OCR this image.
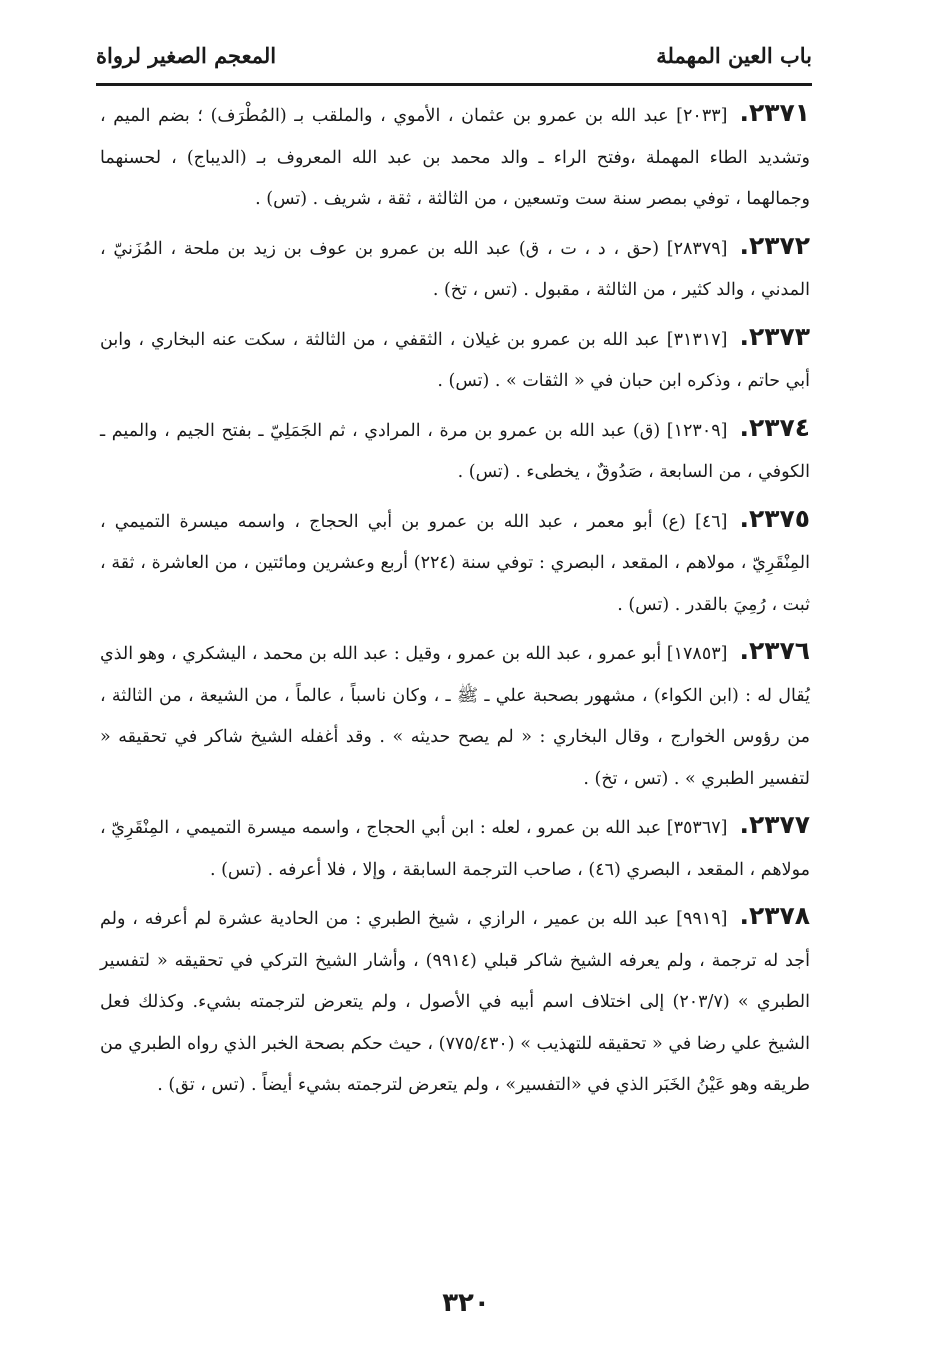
باب العين المهملة
المعجم الصغير لرواة

٢٣٧١.[٢٠٣٣] عبد الله بن عمرو بن عثمان ، الأموي ، والملقب بـ (المُطْرَف) ؛ بضم الميم ، وتشديد الطاء المهملة ،وفتح الراء ـ والد محمد بن عبد الله المعروف بـ (الديباج) ، لحسنهما وجمالهما ، توفي بمصر سنة ست وتسعين ، من الثالثة ، ثقة ، شريف . (تس) .

٢٣٧٢.[٢٨٣٧٩] (حق ، د ، ت ، ق) عبد الله بن عمرو بن عوف بن زيد بن ملحة ، المُزَنيّ ، المدني ، والد كثير ، من الثالثة ، مقبول . (تس ، تخ) .

٢٣٧٣.[٣١٣١٧] عبد الله بن عمرو بن غيلان ، الثقفي ، من الثالثة ، سكت عنه البخاري ، وابن أبي حاتم ، وذكره ابن حبان في « الثقات » . (تس) .

٢٣٧٤.[١٢٣٠٩] (ق) عبد الله بن عمرو بن مرة ، المرادي ، ثم الجَمَلِيّ ـ بفتح الجيم ، والميم ـ الكوفي ، من السابعة ، صَدُوقٌ ، يخطىء . (تس) .

٢٣٧٥.[٤٦] (ع) أبو معمر ، عبد الله بن عمرو بن أبي الحجاج ، واسمه ميسرة التميمي ، المِنْقَرِيّ ، مولاهم ، المقعد ، البصري : توفي سنة (٢٢٤) أربع وعشرين ومائتين ، من العاشرة ، ثقة ، ثبت ، رُمِيَ بالقدر . (تس) .

٢٣٧٦.[١٧٨٥٣] أبو عمرو ، عبد الله بن عمرو ، وقيل : عبد الله بن محمد ، اليشكري ، وهو الذي يُقال له : (ابن الكواء) ، مشهور بصحبة علي ـ ﷺ ـ ، وكان ناسباً ، عالماً ، من الشيعة ، من الثالثة ، من رؤوس الخوارج ، وقال البخاري : « لم يصح حديثه » . وقد أغفله الشيخ شاكر في تحقيقه « لتفسير الطبري » . (تس ، تخ) .

٢٣٧٧.[٣٥٣٦٧] عبد الله بن عمرو ، لعله : ابن أبي الحجاج ، واسمه ميسرة التميمي ، المِنْقَرِيّ ، مولاهم ، المقعد ، البصري (٤٦) ، صاحب الترجمة السابقة ، وإلا ، فلا أعرفه . (تس) .

٢٣٧٨.[٩٩١٩] عبد الله بن عمير ، الرازي ، شيخ الطبري : من الحادية عشرة لم أعرفه ، ولم أجد له ترجمة ، ولم يعرفه الشيخ شاكر قبلي (٩٩١٤) ، وأشار الشيخ التركي في تحقيقه « لتفسير الطبري » (٢٠٣/٧) إلى اختلاف اسم أبيه في الأصول ، ولم يتعرض لترجمته بشيء. وكذلك فعل الشيخ علي رضا في « تحقيقه للتهذيب » (٧٧٥/٤٣٠) ، حيث حكم بصحة الخبر الذي رواه الطبري من طريقه وهو عَيْنُ الخَبَر الذي في «التفسير» ، ولم يتعرض لترجمته بشيء أيضاً . (تس ، تق) .

٣٢٠
